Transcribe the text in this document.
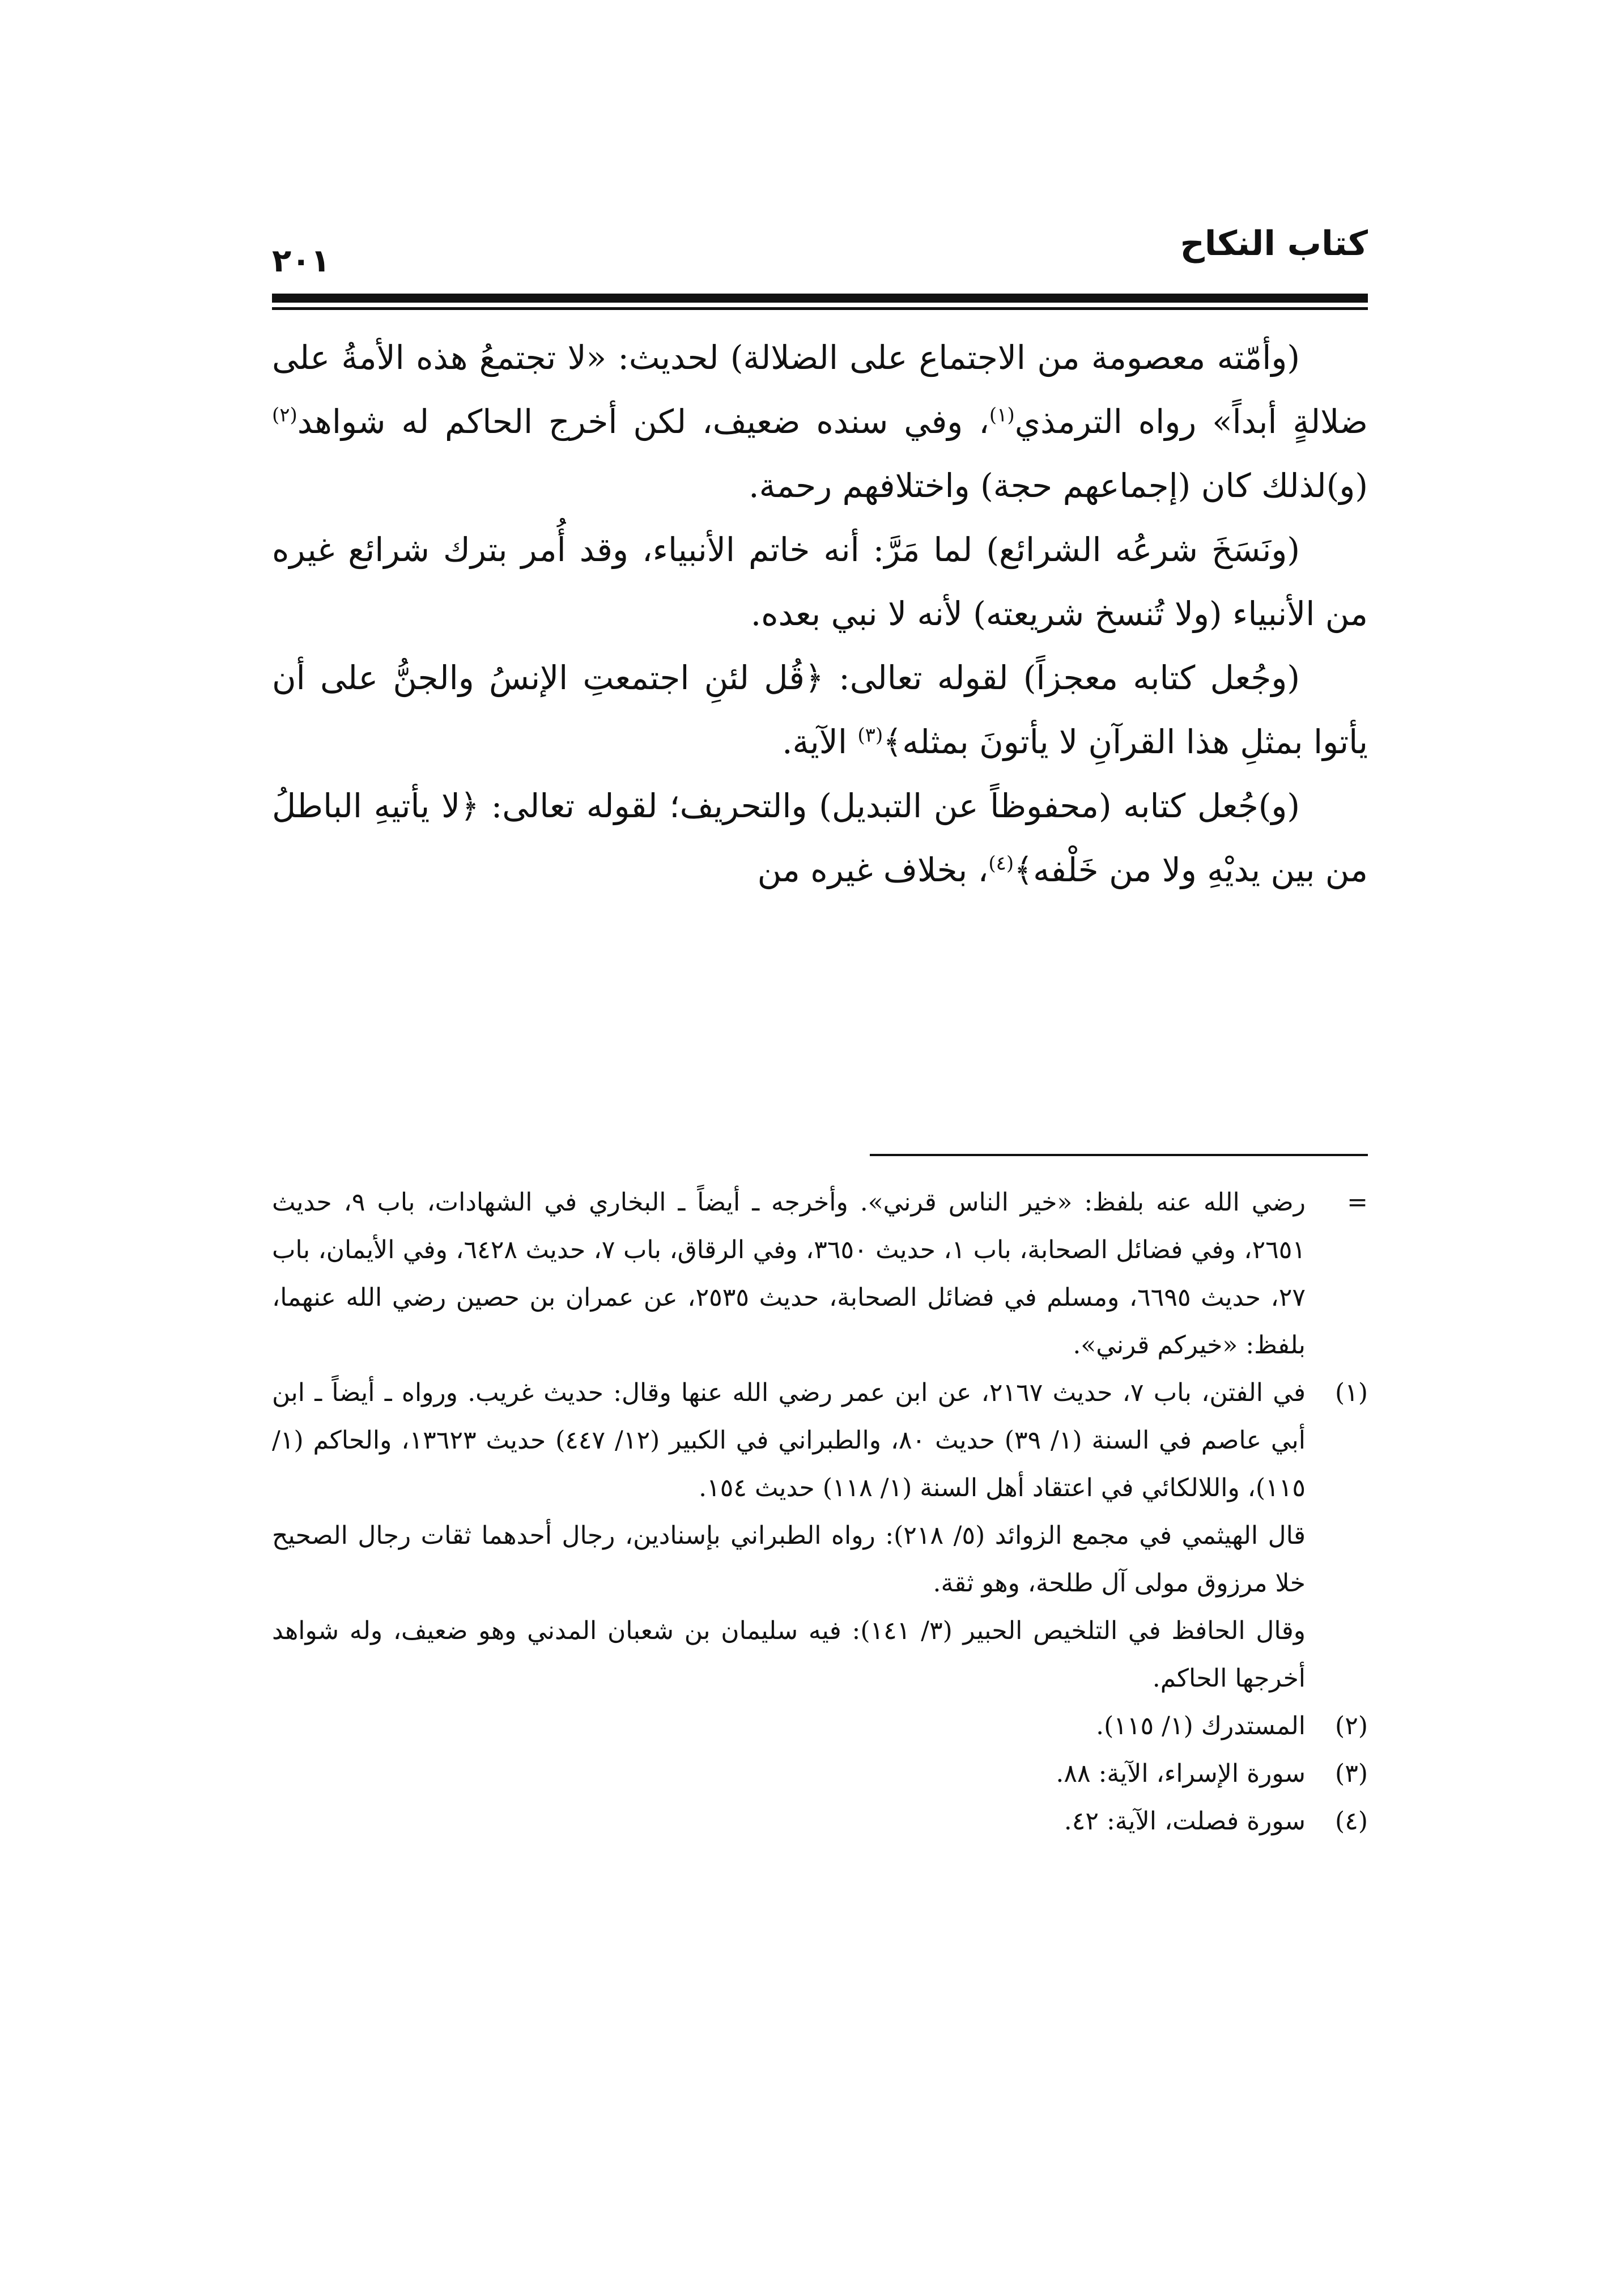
كتاب النكاح
٢٠١

(وأمّته معصومة من الاجتماع على الضلالة) لحديث: «لا تجتمعُ هذه الأمةُ على ضلالةٍ أبداً» رواه الترمذي$^{(١)}$، وفي سنده ضعيف، لكن أخرج الحاكم له شواهد$^{(٢)}$ (و)لذلك كان (إجماعهم حجة) واختلافهم رحمة.

(ونَسَخَ شرعُه الشرائع) لما مَرَّ: أنه خاتم الأنبياء، وقد أُمر بترك شرائع غيره من الأنبياء (ولا تُنسخ شريعته) لأنه لا نبي بعده.

(وجُعل كتابه معجزاً) لقوله تعالى: ﴿قُل لئنِ اجتمعتِ الإنسُ والجنُّ على أن يأتوا بمثلِ هذا القرآنِ لا يأتونَ بمثله﴾$^{(٣)}$ الآية.

(و)جُعل كتابه (محفوظاً عن التبديل) والتحريف؛ لقوله تعالى: ﴿لا يأتيهِ الباطلُ من بين يديْهِ ولا من خَلْفه﴾$^{(٤)}$، بخلاف غيره من

=
رضي الله عنه بلفظ: «خير الناس قرني». وأخرجه ـ أيضاً ـ البخاري في الشهادات، باب ٩، حديث ٢٦٥١، وفي فضائل الصحابة، باب ١، حديث ٣٦٥٠، وفي الرقاق، باب ٧، حديث ٦٤٢٨، وفي الأيمان، باب ٢٧، حديث ٦٦٩٥، ومسلم في فضائل الصحابة، حديث ٢٥٣٥، عن عمران بن حصين رضي الله عنهما، بلفظ: «خيركم قرني».
(١)
في الفتن، باب ٧، حديث ٢١٦٧، عن ابن عمر رضي الله عنها وقال: حديث غريب. ورواه ـ أيضاً ـ ابن أبي عاصم في السنة (١/ ٣٩) حديث ٨٠، والطبراني في الكبير (١٢/ ٤٤٧) حديث ١٣٦٢٣، والحاكم (١/ ١١٥)، واللالكائي في اعتقاد أهل السنة (١/ ١١٨) حديث ١٥٤.
قال الهيثمي في مجمع الزوائد (٥/ ٢١٨): رواه الطبراني بإسنادين، رجال أحدهما ثقات رجال الصحيح خلا مرزوق مولى آل طلحة، وهو ثقة.
وقال الحافظ في التلخيص الحبير (٣/ ١٤١): فيه سليمان بن شعبان المدني وهو ضعيف، وله شواهد أخرجها الحاكم.
(٢)
المستدرك (١/ ١١٥).
(٣)
سورة الإسراء، الآية: ٨٨.
(٤)
سورة فصلت، الآية: ٤٢.
